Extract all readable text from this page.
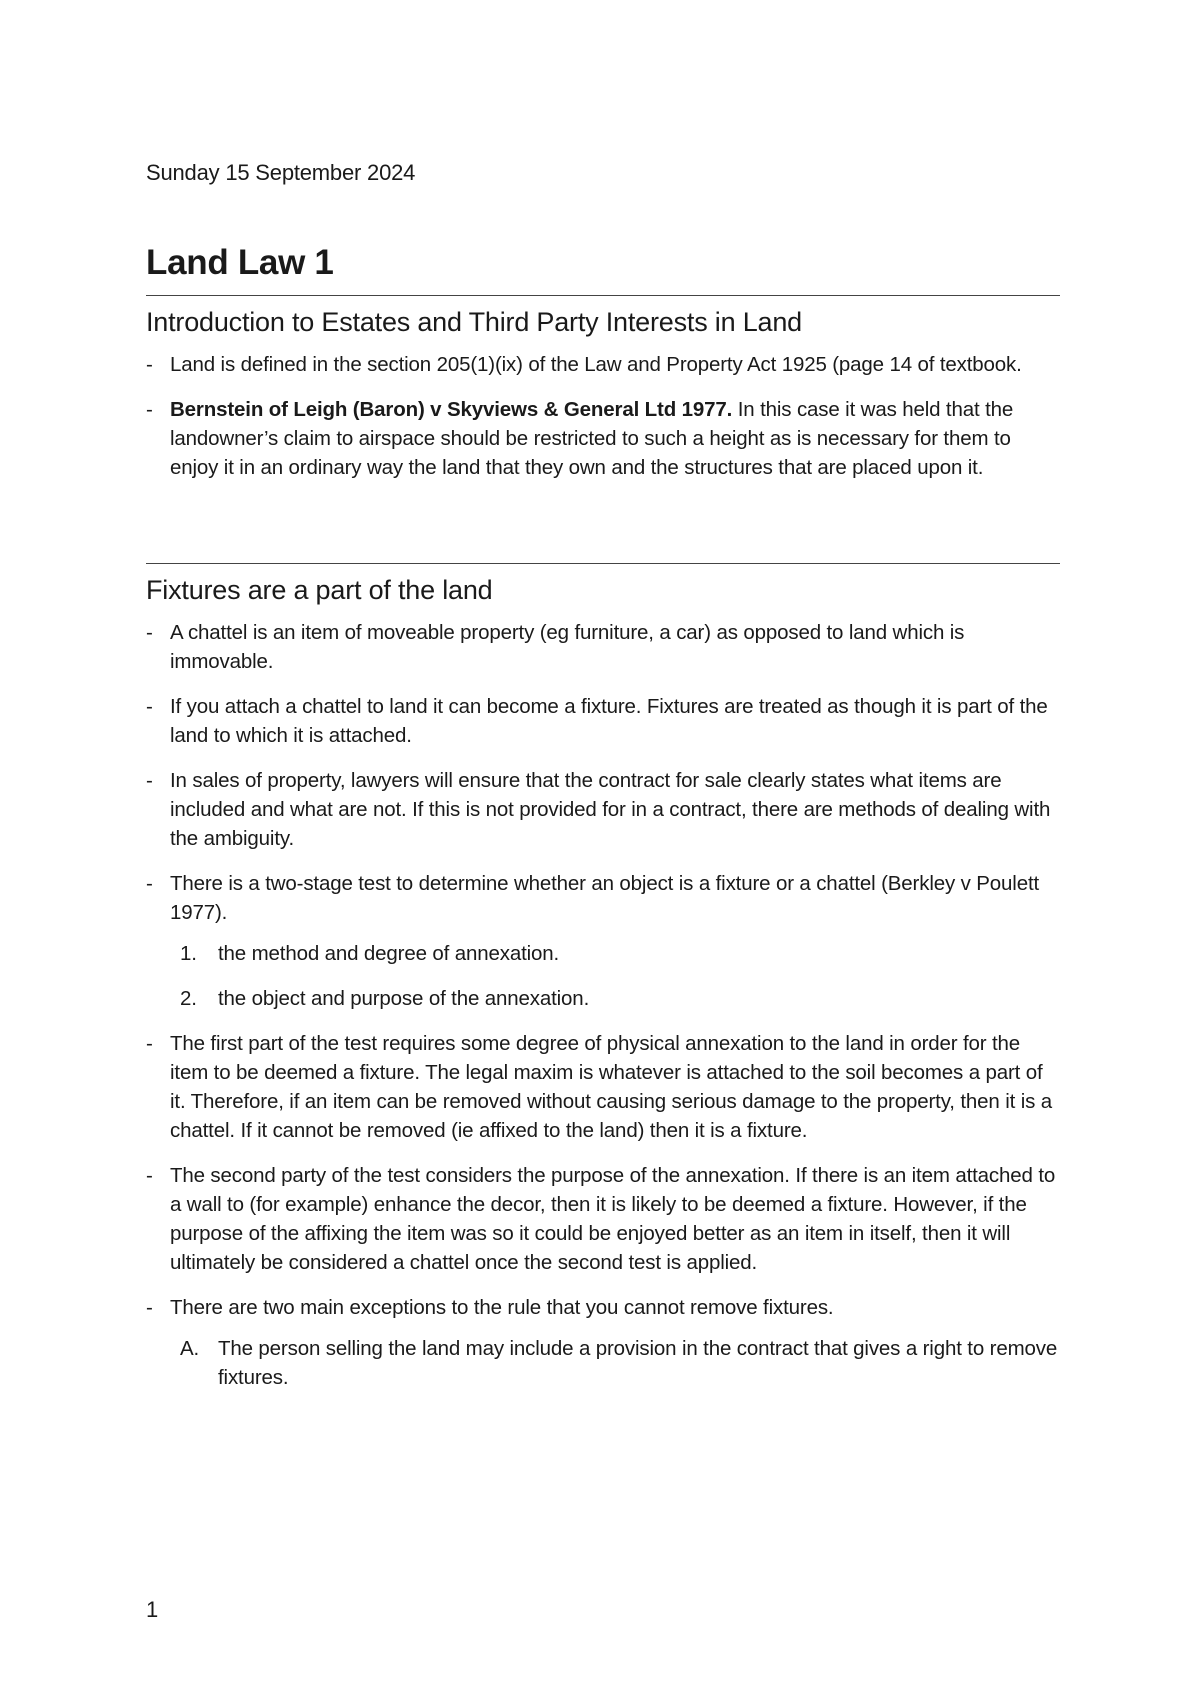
Sunday 15 September 2024
Land Law 1
Introduction to Estates and Third Party Interests in Land
- Land is defined in the section 205(1)(ix) of the Law and Property Act 1925 (page 14 of textbook.
- Bernstein of Leigh (Baron) v Skyviews & General Ltd 1977. In this case it was held that the landowner’s claim to airspace should be restricted to such a height as is necessary for them to enjoy it in an ordinary way the land that they own and the structures that are placed upon it.
Fixtures are a part of the land
- A chattel is an item of moveable property (eg furniture, a car) as opposed to land which is immovable.
- If you attach a chattel to land it can become a fixture. Fixtures are treated as though it is part of the land to which it is attached.
- In sales of property, lawyers will ensure that the contract for sale clearly states what items are included and what are not. If this is not provided for in a contract, there are methods of dealing with the ambiguity.
- There is a two-stage test to determine whether an object is a fixture or a chattel (Berkley v Poulett 1977).
1. the method and degree of annexation.
2. the object and purpose of the annexation.
- The first part of the test requires some degree of physical annexation to the land in order for the item to be deemed a fixture. The legal maxim is whatever is attached to the soil becomes a part of it. Therefore, if an item can be removed without causing serious damage to the property, then it is a chattel. If it cannot be removed (ie affixed to the land) then it is a fixture.
- The second party of the test considers the purpose of the annexation. If there is an item attached to a wall to (for example) enhance the decor, then it is likely to be deemed a fixture. However, if the purpose of the affixing the item was so it could be enjoyed better as an item in itself, then it will ultimately be considered a chattel once the second test is applied.
- There are two main exceptions to the rule that you cannot remove fixtures.
A. The person selling the land may include a provision in the contract that gives a right to remove fixtures.
1
